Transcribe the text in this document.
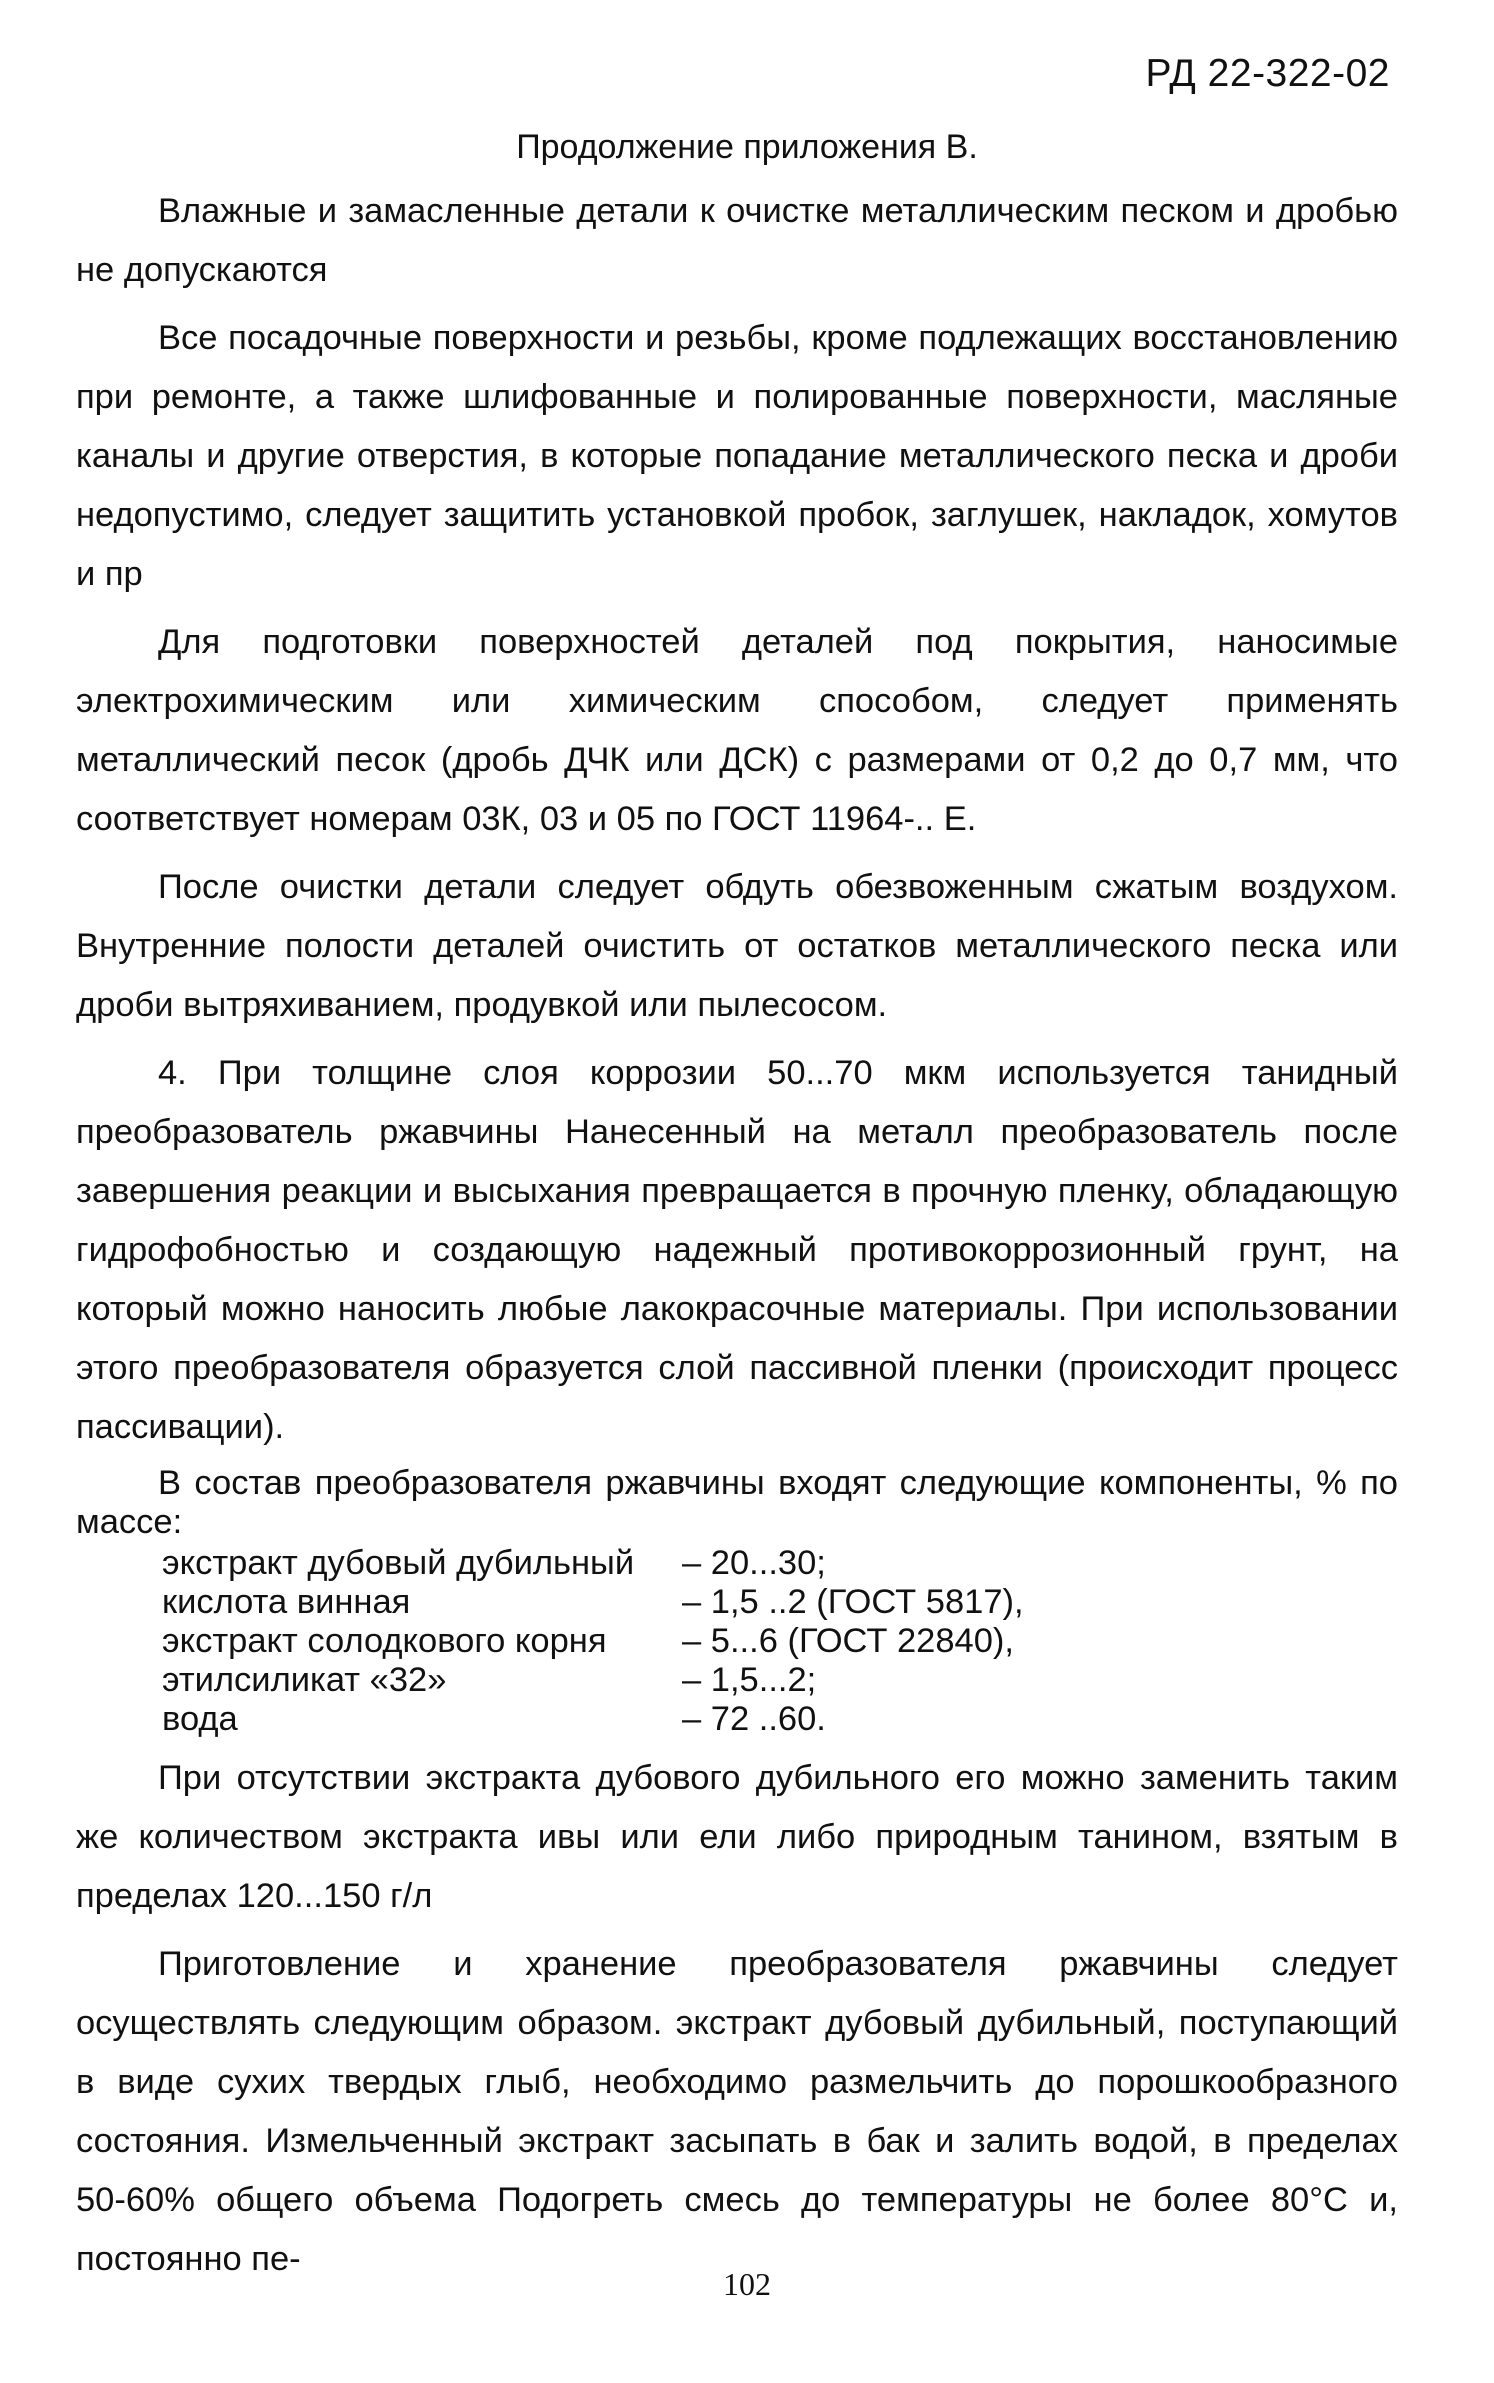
РД 22-322-02
Продолжение приложения В.

Влажные и замасленные детали к очистке металлическим песком и дробью не допускаются

Все посадочные поверхности и резьбы, кроме подлежащих восстановлению при ремонте, а также шлифованные и полированные поверхности, масляные каналы и другие отверстия, в которые попадание металлического песка и дроби недопустимо, следует защитить установкой пробок, заглушек, накладок, хомутов и пр

Для подготовки поверхностей деталей под покрытия, наносимые электрохимическим или химическим способом, следует применять металлический песок (дробь ДЧК или ДСК) с размерами от 0,2 до 0,7 мм, что соответствует номерам 03К, 03 и 05 по ГОСТ 11964-.. Е.

После очистки детали следует обдуть обезвоженным сжатым воздухом. Внутренние полости деталей очистить от остатков металлического песка или дроби вытряхиванием, продувкой или пылесосом.

4. При толщине слоя коррозии 50...70 мкм используется танидный преобразователь ржавчины Нанесенный на металл преобразователь после завершения реакции и высыхания превращается в прочную пленку, обладающую гидрофобностью и создающую надежный противокоррозионный грунт, на который можно наносить любые лакокрасочные материалы. При использовании этого преобразователя образуется слой пассивной пленки (происходит процесс пассивации).

В состав преобразователя ржавчины входят следующие компоненты, % по массе:

экстракт дубовый дубильный	– 20...30;
кислота винная	– 1,5 ..2 (ГОСТ 5817),
экстракт солодкового корня	– 5...6 (ГОСТ 22840),
этилсиликат «32»	– 1,5...2;
вода	– 72 ..60.

При отсутствии экстракта дубового дубильного его можно заменить таким же количеством экстракта ивы или ели либо природным танином, взятым в пределах 120...150 г/л

Приготовление и хранение преобразователя ржавчины следует осуществлять следующим образом. экстракт дубовый дубильный, поступающий в виде сухих твердых глыб, необходимо размельчить до порошкообразного состояния. Измельченный экстракт засыпать в бак и залить водой, в пределах 50-60% общего объема Подогреть смесь до температуры не более 80°C и, постоянно пе-

102
